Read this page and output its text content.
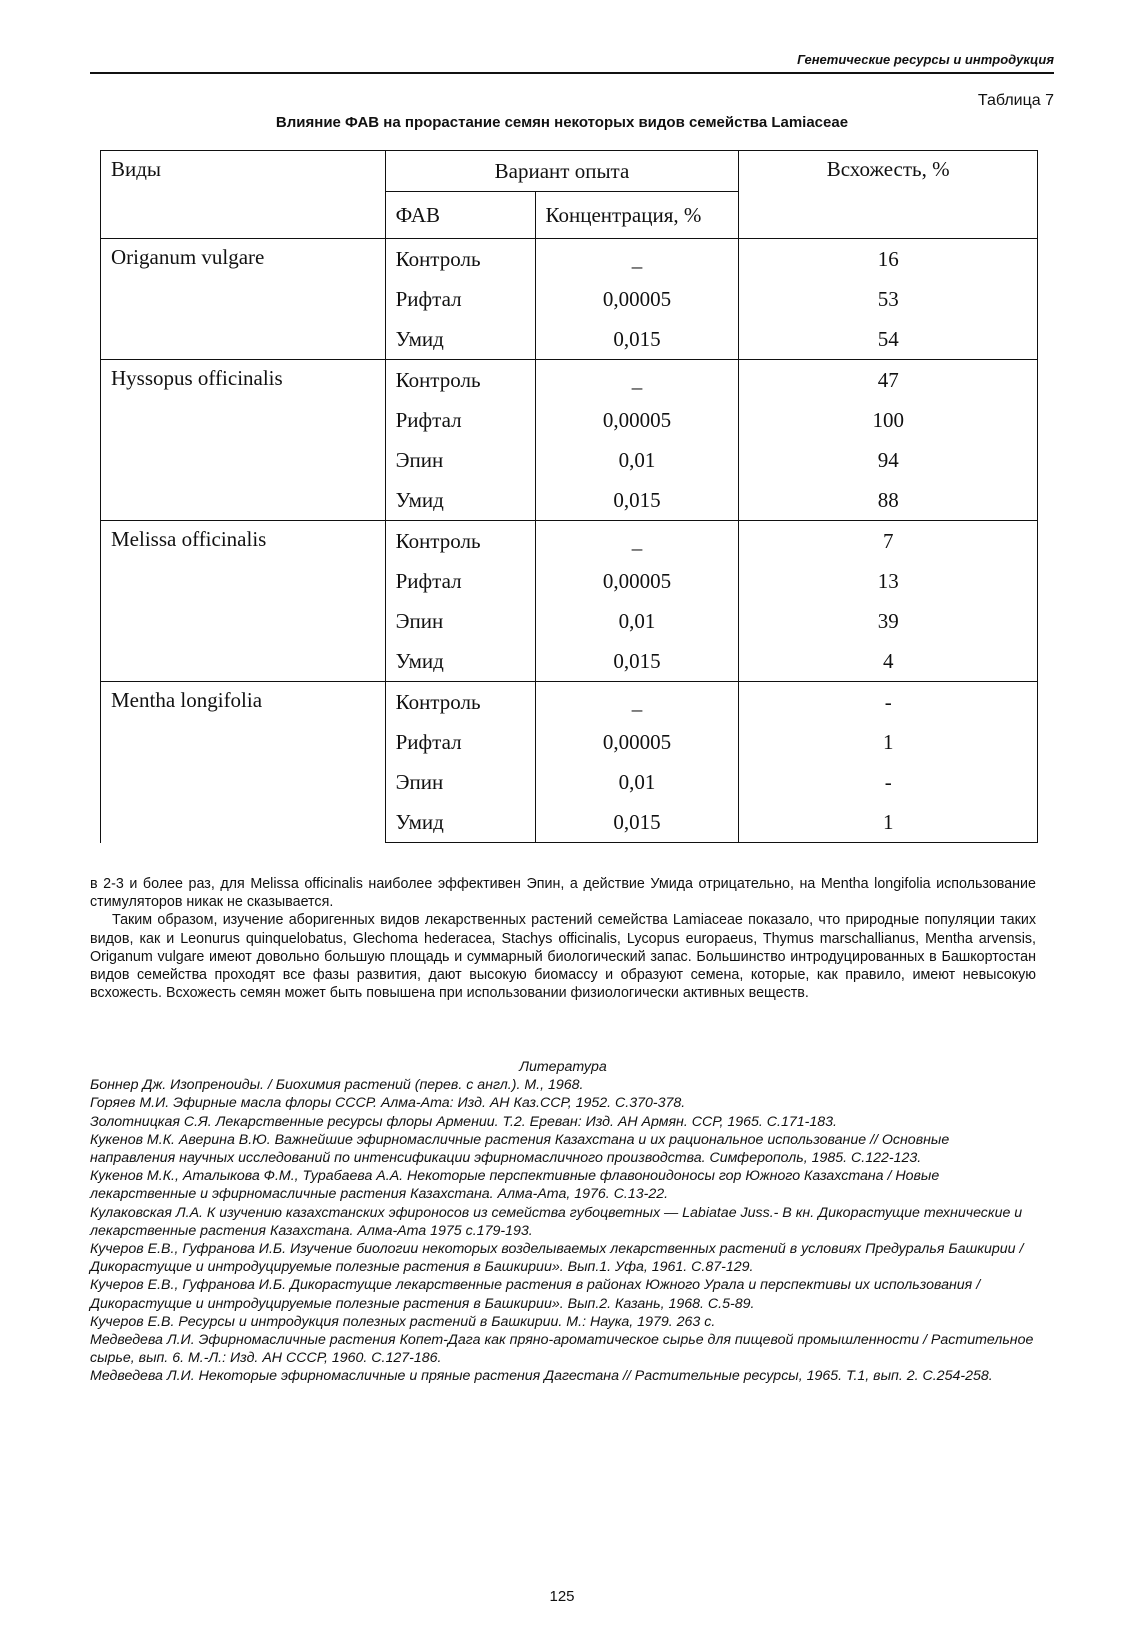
Генетические ресурсы и интродукция
Таблица 7
Влияние ФАВ на прорастание семян некоторых видов семейства Lamiaceae
Виды	Вариант опыта		Всхожесть, %
	ФАВ	Концентрация, %	
Origanum vulgare	Контроль	_	16
	Рифтал	0,00005	53
	Умид	0,015	54
Hyssopus officinalis	Контроль	_	47
	Рифтал	0,00005	100
	Эпин	0,01	94
	Умид	0,015	88
Melissa officinalis	Контроль	_	7
	Рифтал	0,00005	13
	Эпин	0,01	39
	Умид	0,015	4
Mentha longifolia	Контроль	_	-
	Рифтал	0,00005	1
	Эпин	0,01	-
	Умид	0,015	1

в 2-3 и более раз, для Melissa officinalis наиболее эффективен Эпин, а действие Умида отрицательно, на Mentha longifolia использование стимуляторов никак не сказывается.

Таким образом, изучение аборигенных видов лекарственных растений семейства Lamiaceae показало, что природные популяции таких видов, как и Leonurus quinquelobatus, Glechoma hederacea, Stachys officinalis, Lycopus europaeus, Thymus marschallianus, Mentha arvensis, Origanum vulgare имеют довольно большую площадь и суммарный биологический запас. Большинство интродуцированных в Башкортостан видов семейства проходят все фазы развития, дают высокую биомассу и образуют семена, которые, как правило, имеют невысокую всхожесть. Всхожесть семян может быть повышена при использовании физиологически активных веществ.

Литература

Боннер Дж. Изопреноиды. / Биохимия растений (перев. с англ.). М., 1968.

Горяев М.И. Эфирные масла флоры СССР. Алма-Ата: Изд. АН Каз.ССР, 1952. С.370-378.

Золотницкая С.Я. Лекарственные ресурсы флоры Армении. Т.2. Ереван: Изд. АН Армян. ССР, 1965. С.171-183.

Кукенов М.К. Аверина В.Ю. Важнейшие эфирномасличные растения Казахстана и их рациональное использование // Основные направления научных исследований по интенсификации эфирномасличного производства. Симферополь, 1985. С.122-123.

Кукенов М.К., Аталыкова Ф.М., Турабаева А.А. Некоторые перспективные флавоноидоносы гор Южного Казахстана / Новые лекарственные и эфирномасличные растения Казахстана. Алма-Ата, 1976. С.13-22.

Кулаковская Л.А. К изучению казахстанских эфироносов из семейства губоцветных — Labiatae Juss.- В кн. Дикорастущие технические и лекарственные растения Казахстана. Алма-Ата 1975 с.179-193.

Кучеров Е.В., Гуфранова И.Б. Изучение биологии некоторых возделываемых лекарственных растений в условиях Предуралья Башкирии / Дикорастущие и интродуцируемые полезные растения в Башкирии». Вып.1. Уфа, 1961. С.87-129.

Кучеров Е.В., Гуфранова И.Б. Дикорастущие лекарственные растения в районах Южного Урала и перспективы их использования / Дикорастущие и интродуцируемые полезные растения в Башкирии». Вып.2. Казань, 1968. С.5-89.

Кучеров Е.В. Ресурсы и интродукция полезных растений в Башкирии. М.: Наука, 1979. 263 с.

Медведева Л.И. Эфирномасличные растения Копет-Дага как пряно-ароматическое сырье для пищевой промышленности / Растительное сырье, вып. 6. М.-Л.: Изд. АН СССР, 1960. С.127-186.

Медведева Л.И. Некоторые эфирномасличные и пряные растения Дагестана // Растительные ресурсы, 1965. Т.1, вып. 2. С.254-258.

125
